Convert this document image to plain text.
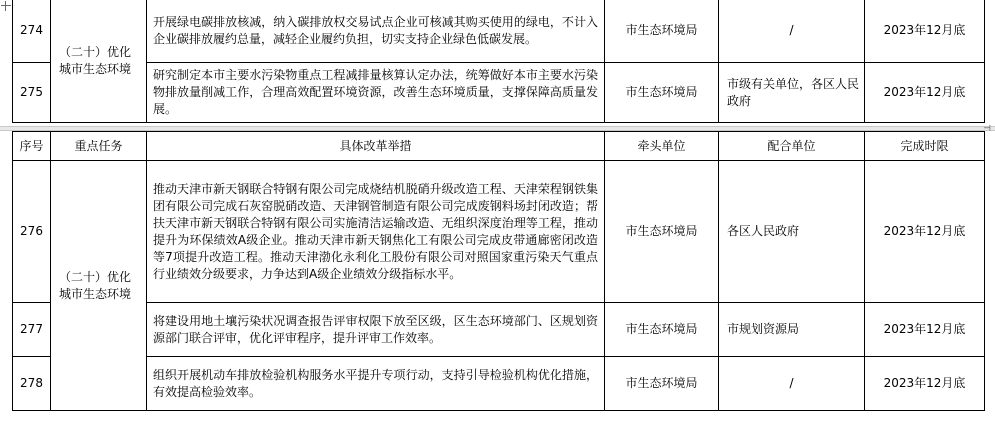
274	（二十）优化城市生态环境	开展绿电碳排放核减，纳入碳排放权交易试点企业可核减其购买使用的绿电，不计入企业碳排放履约总量，减轻企业履约负担，切实支持企业绿色低碳发展。	市生态环境局	/	2023年12月底
275		研究制定本市主要水污染物重点工程减排量核算认定办法，统筹做好本市主要水污染物排放量削减工作，合理高效配置环境资源，改善生态环境质量，支撑保障高质量发展。	市生态环境局	市级有关单位，各区人民政府	2023年12月底
⊣
序号	重点任务	具体改革举措	牵头单位	配合单位	完成时限
276	（二十）优化城市生态环境	推动天津市新天钢联合特钢有限公司完成烧结机脱硝升级改造工程、天津荣程钢铁集团有限公司完成石灰窑脱硝改造、天津钢管制造有限公司完成废钢料场封闭改造；帮扶天津市新天钢联合特钢有限公司实施清洁运输改造、无组织深度治理等工程，推动提升为环保绩效A级企业。推动天津市新天钢焦化工有限公司完成皮带通廊密闭改造等7项提升改造工程。推动天津渤化永利化工股份有限公司对照国家重污染天气重点行业绩效分级要求，力争达到A级企业绩效分级指标水平。	市生态环境局	各区人民政府	2023年12月底
277		将建设用地土壤污染状况调查报告评审权限下放至区级，区生态环境部门、区规划资源部门联合评审，优化评审程序，提升评审工作效率。	市生态环境局	市规划资源局	2023年12月底
278		组织开展机动车排放检验机构服务水平提升专项行动，支持引导检验机构优化措施，有效提高检验效率。	市生态环境局	/	2023年12月底
